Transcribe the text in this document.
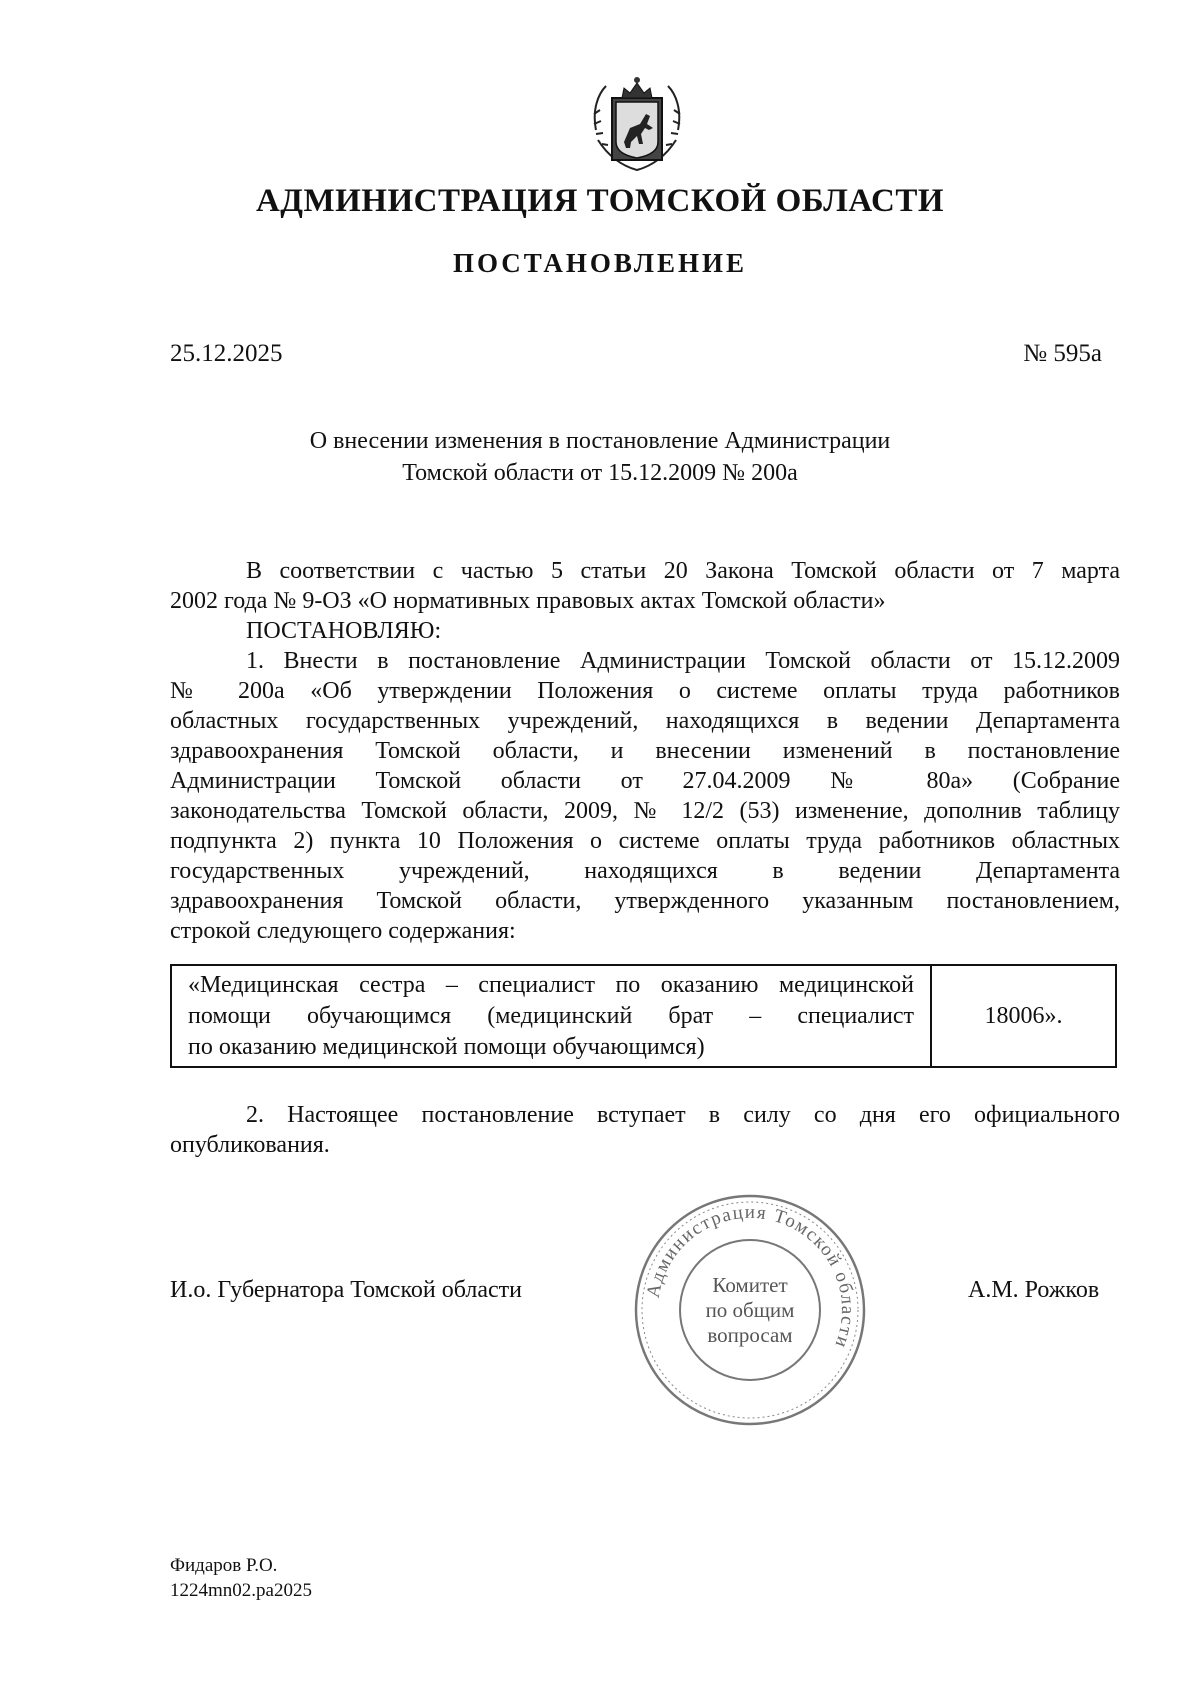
АДМИНИСТРАЦИЯ ТОМСКОЙ ОБЛАСТИ
ПОСТАНОВЛЕНИЕ
25.12.2025	№ 595а
О внесении изменения в постановление Администрации
Томской области от 15.12.2009 № 200а
В соответствии с частью 5 статьи 20 Закона Томской области от 7 марта
2002 года № 9-ОЗ «О нормативных правовых актах Томской области»
ПОСТАНОВЛЯЮ:
1. Внести в постановление Администрации Томской области от 15.12.2009
№ 200а «Об утверждении Положения о системе оплаты труда работников
областных государственных учреждений, находящихся в ведении Департамента
здравоохранения Томской области, и внесении изменений в постановление
Администрации Томской области от 27.04.2009 № 80а» (Собрание
законодательства Томской области, 2009, № 12/2 (53) изменение, дополнив таблицу
подпункта 2) пункта 10 Положения о системе оплаты труда работников областных
государственных учреждений, находящихся в ведении Департамента
здравоохранения Томской области, утвержденного указанным постановлением,
строкой следующего содержания:
«Медицинская сестра – специалист по оказанию медицинской
помощи обучающимся (медицинский брат – специалист
по оказанию медицинской помощи обучающимся)
18006».
2. Настоящее постановление вступает в силу со дня его официального
опубликования.
И.о. Губернатора Томской области	Администрация Томской области
Комитет
по общим
вопросам
А.М. Рожков
Фидаров Р.О.
1224mn02.pa2025
